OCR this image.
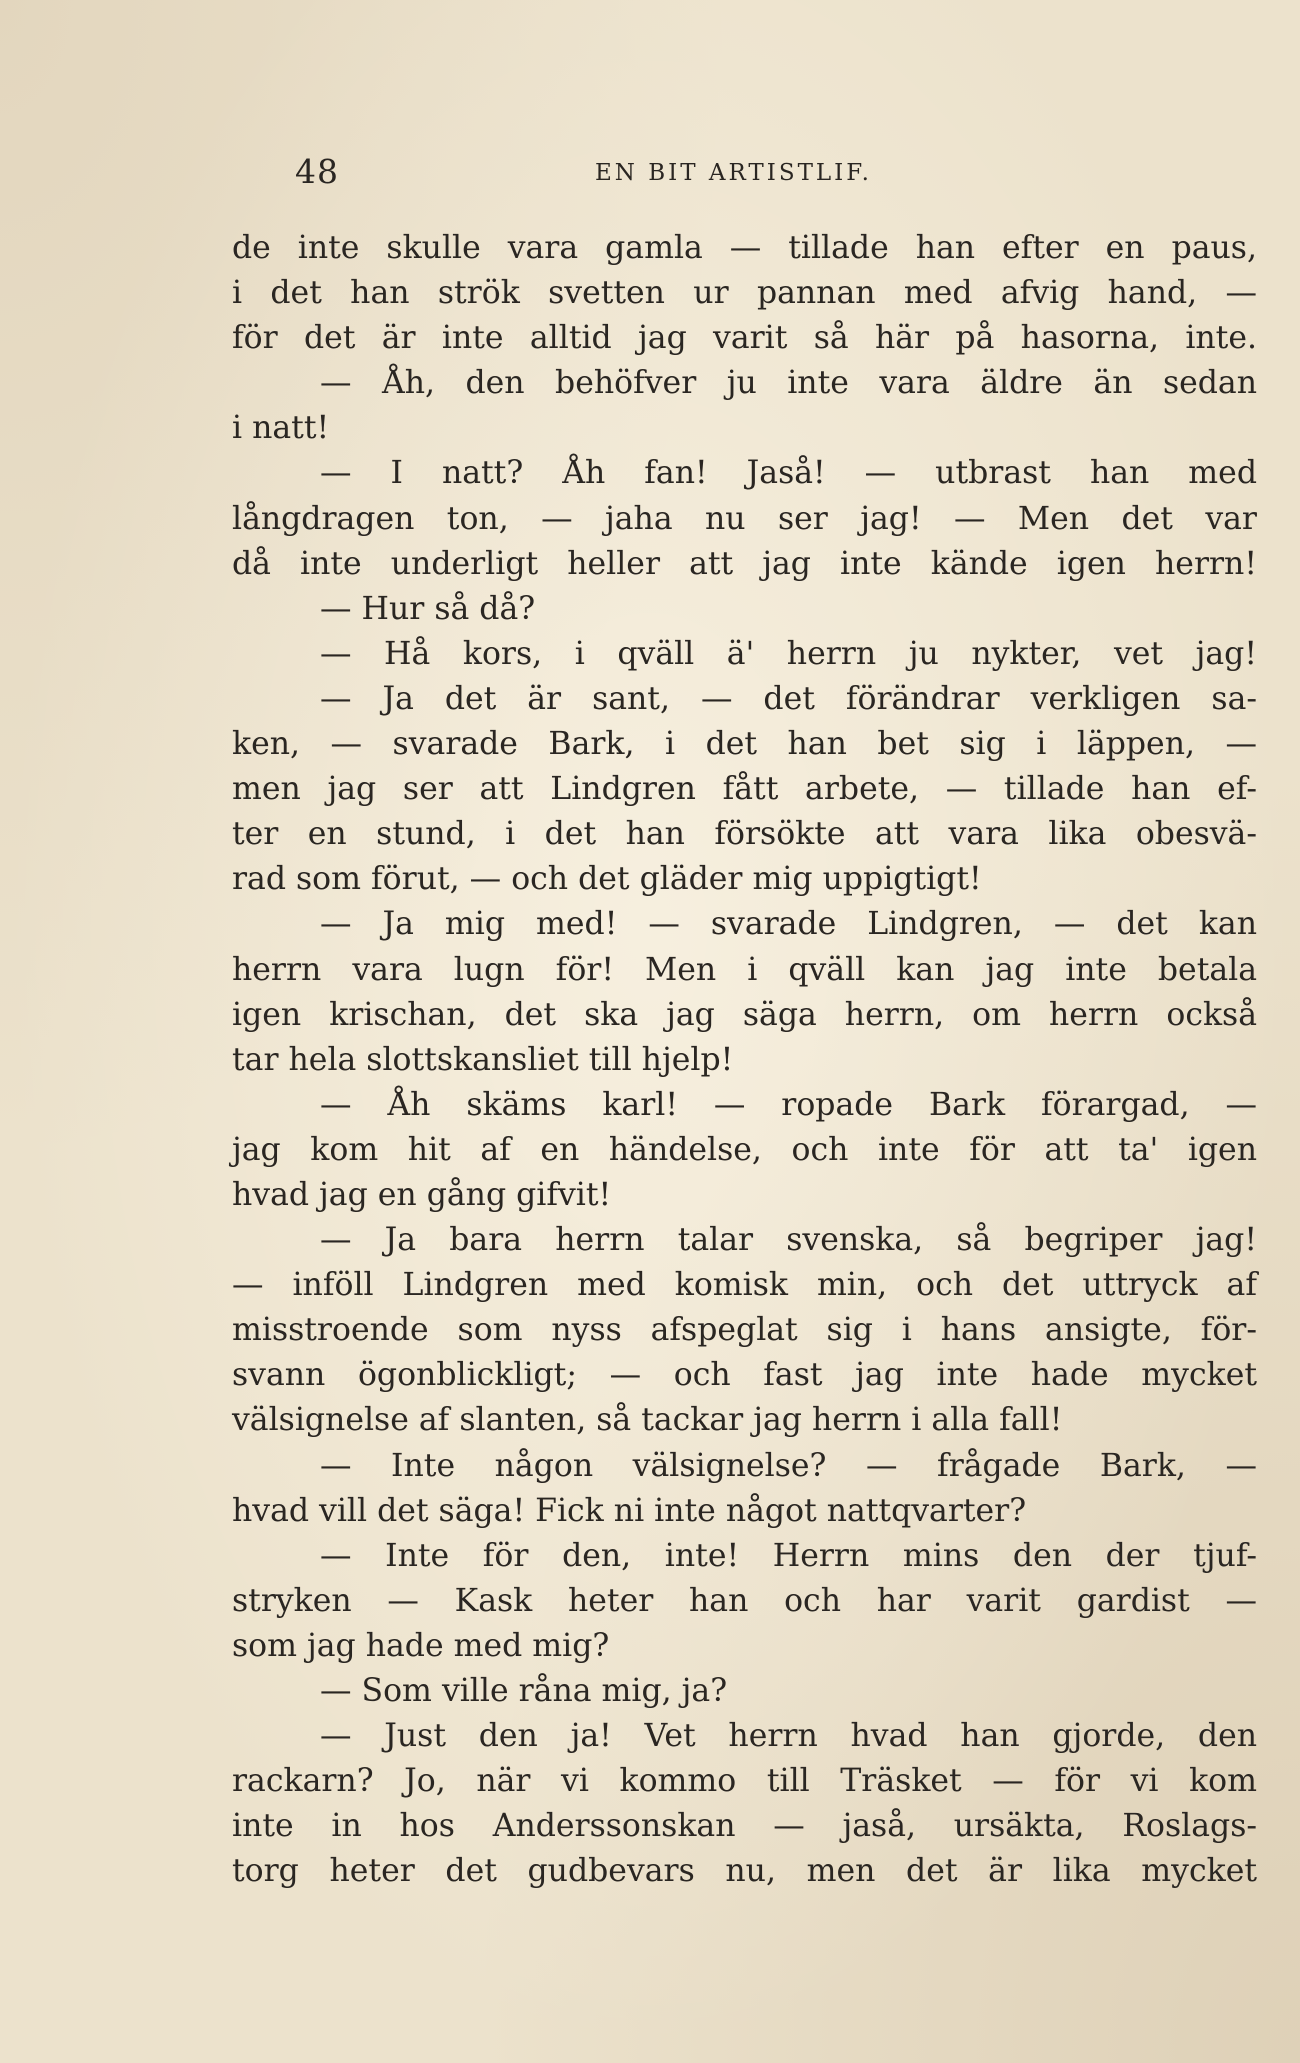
48	EN BIT ARTISTLIF.
de inte skulle vara gamla — tillade han efter en paus,
i det han strök svetten ur pannan med afvig hand, —
för det är inte alltid jag varit så här på hasorna, inte.
— Åh, den behöfver ju inte vara äldre än sedan
i natt!
— I natt? Åh fan! Jaså! — utbrast han med
långdragen ton, — jaha nu ser jag! — Men det var
då inte underligt heller att jag inte kände igen herrn!
— Hur så då?
— Hå kors, i qväll ä' herrn ju nykter, vet jag!
— Ja det är sant, — det förändrar verkligen sa-
ken, — svarade Bark, i det han bet sig i läppen, —
men jag ser att Lindgren fått arbete, — tillade han ef-
ter en stund, i det han försökte att vara lika obesvä-
rad som förut, — och det gläder mig uppigtigt!
— Ja mig med! — svarade Lindgren, — det kan
herrn vara lugn för! Men i qväll kan jag inte betala
igen krischan, det ska jag säga herrn, om herrn också
tar hela slottskansliet till hjelp!
— Åh skäms karl! — ropade Bark förargad, —
jag kom hit af en händelse, och inte för att ta' igen
hvad jag en gång gifvit!
— Ja bara herrn talar svenska, så begriper jag!
— inföll Lindgren med komisk min, och det uttryck af
misstroende som nyss afspeglat sig i hans ansigte, för-
svann ögonblickligt; — och fast jag inte hade mycket
välsignelse af slanten, så tackar jag herrn i alla fall!
— Inte någon välsignelse? — frågade Bark, —
hvad vill det säga! Fick ni inte något nattqvarter?
— Inte för den, inte! Herrn mins den der tjuf-
stryken — Kask heter han och har varit gardist —
som jag hade med mig?
— Som ville råna mig, ja?
— Just den ja! Vet herrn hvad han gjorde, den
rackarn? Jo, när vi kommo till Träsket — för vi kom
inte in hos Anderssonskan — jaså, ursäkta, Roslags-
torg heter det gudbevars nu, men det är lika mycket
